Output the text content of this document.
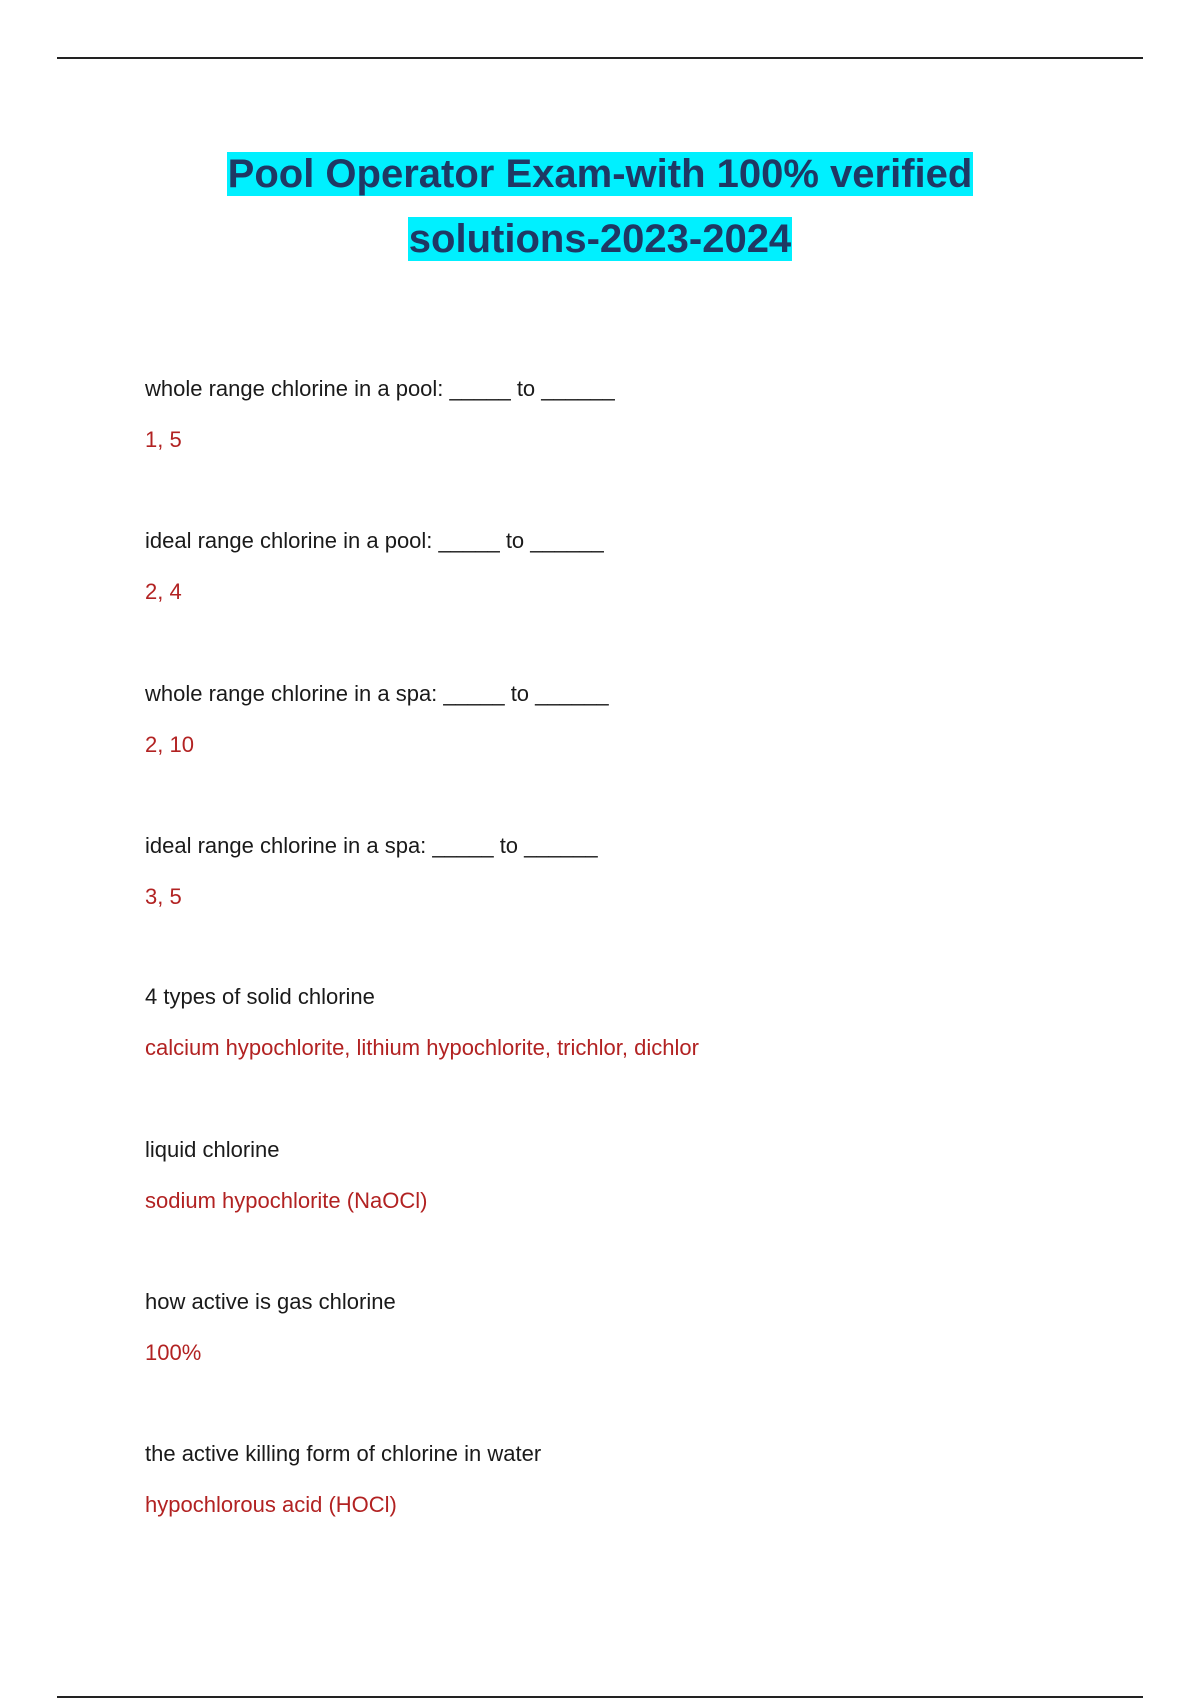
Pool Operator Exam-with 100% verified

solutions-2023-2024

whole range chlorine in a pool: _____ to ______
1, 5
ideal range chlorine in a pool: _____ to ______
2, 4
whole range chlorine in a spa: _____ to ______
2, 10
ideal range chlorine in a spa: _____ to ______
3, 5
4 types of solid chlorine
calcium hypochlorite, lithium hypochlorite, trichlor, dichlor
liquid chlorine
sodium hypochlorite (NaOCl)
how active is gas chlorine
100%
the active killing form of chlorine in water
hypochlorous acid (HOCl)
